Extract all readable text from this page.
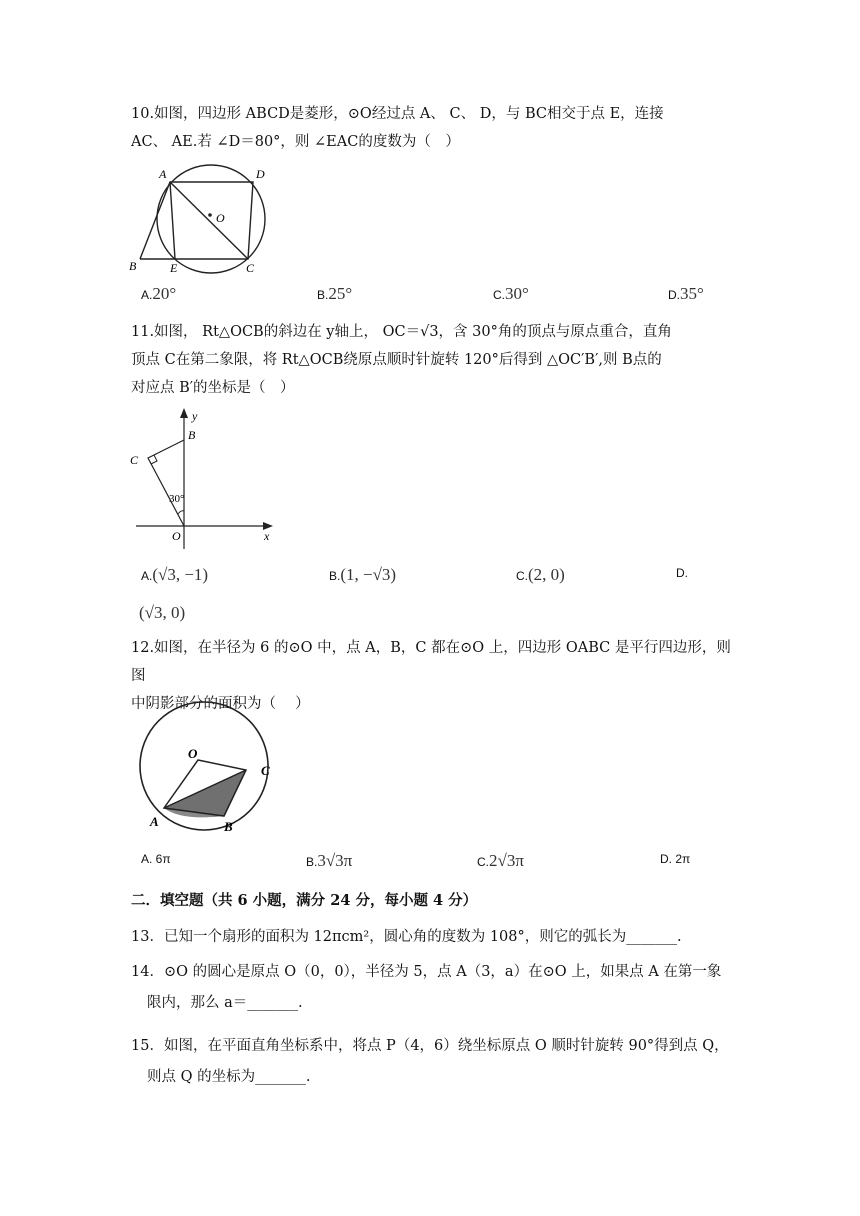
10.如图，四边形 ABCD是菱形，⊙O经过点 A、 C、 D，与 BC相交于点 E，连接
AC、 AE.若 ∠D＝80°，则 ∠EAC的度数为（　）
A	D
O
B	E	C
A.20°	B.25°	C.30°	D.35°
11.如图， Rt△OCB的斜边在 y轴上， OC＝√3，含 30°角的顶点与原点重合，直角
顶点 C在第二象限，将 Rt△OCB绕原点顺时针旋转 120°后得到 △OC′B′,则 B点的
对应点 B′的坐标是（　）
y
B
C
30°
O	x
A.(√3, −1)	B.(1, −√3)	C.(2, 0)	D.
(√3, 0)
12.如图，在半径为 6 的⊙O 中，点 A，B，C 都在⊙O 上，四边形 OABC 是平行四边形，则图
中阴影部分的面积为（　 ）
O
C
A	B
A. 6π	B.3√3π	C.2√3π	D. 2π
二．填空题（共 6 小题，满分 24 分，每小题 4 分）
13．已知一个扇形的面积为 12πcm²，圆心角的度数为 108°，则它的弧长为_______.
14．⊙O 的圆心是原点 O（0，0），半径为 5，点 A（3，a）在⊙O 上，如果点 A 在第一象
限内，那么 a＝_______.
15．如图，在平面直角坐标系中，将点 P（4，6）绕坐标原点 O 顺时针旋转 90°得到点 Q，
则点 Q 的坐标为_______.
